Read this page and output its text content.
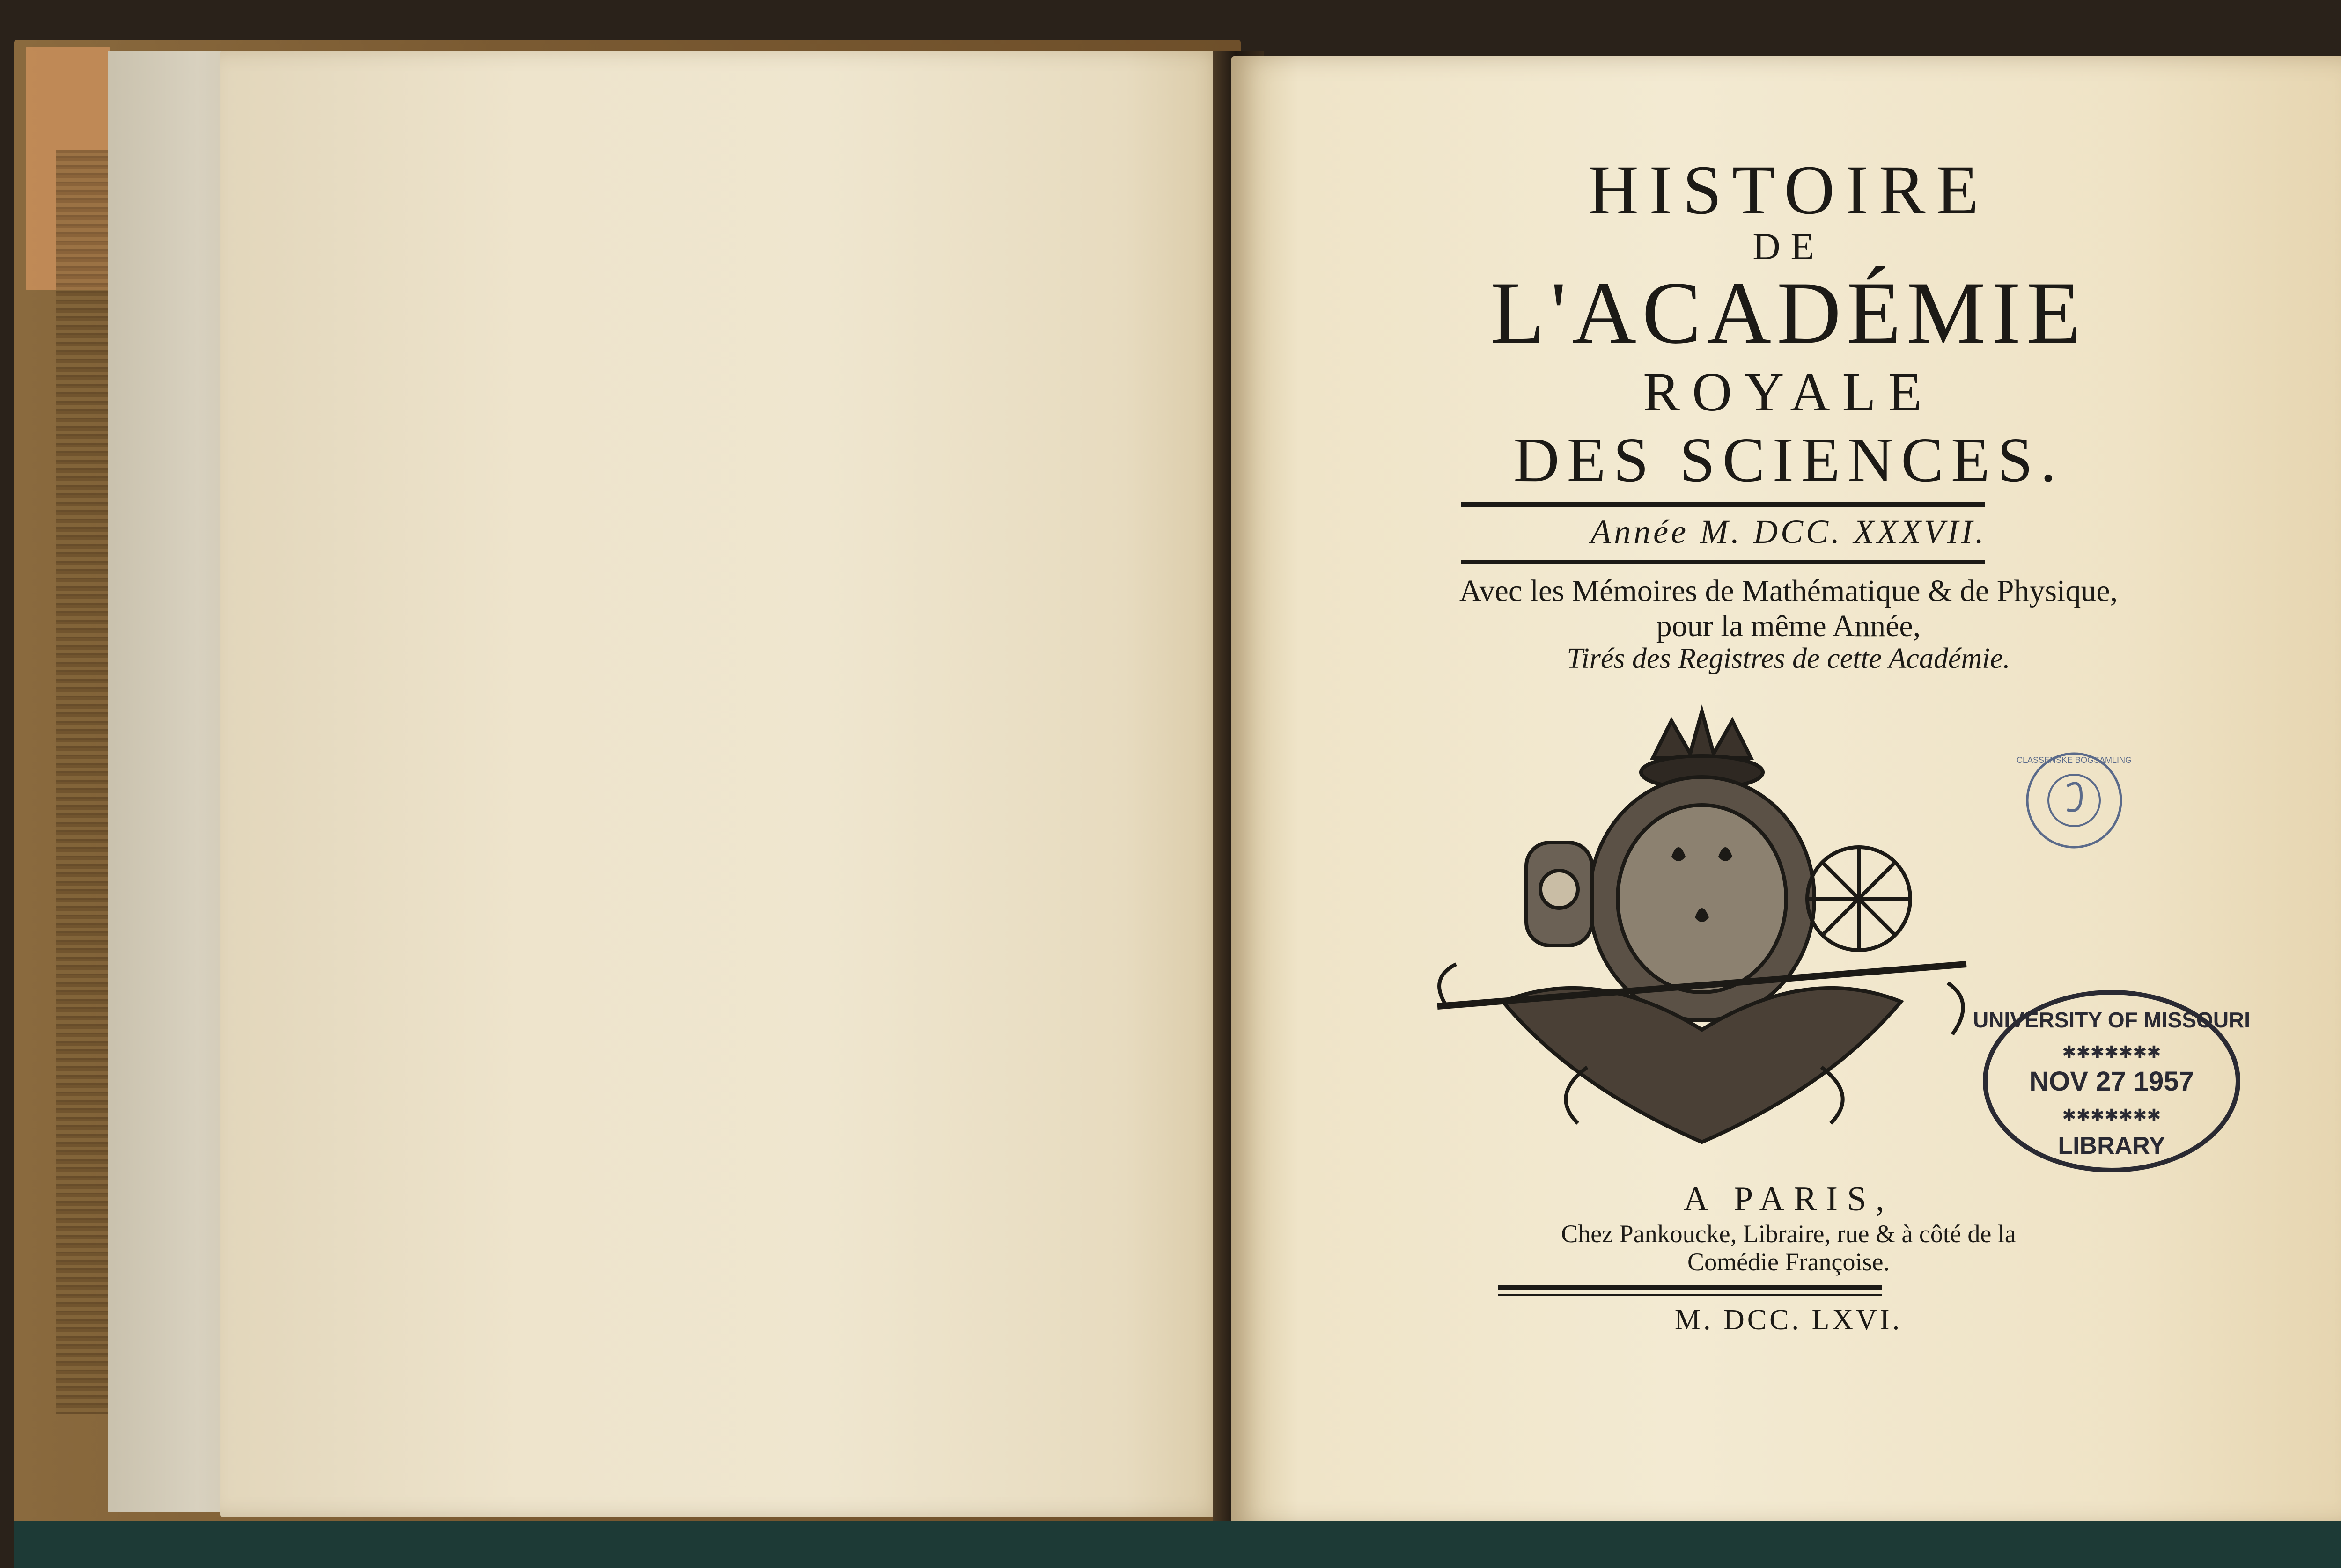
HISTOIRE
DE
L'ACADÉMIE
ROYALE
DES SCIENCES.
Année M. DCC. XXXVII.
Avec les Mémoires de Mathématique & de Physique,
pour la même Année,
Tirés des Registres de cette Académie.
CLASSENSKE BOGSAMLING
UNIVERSITY OF MISSOURI
✱✱✱✱✱✱✱
NOV 27 1957
✱✱✱✱✱✱✱
LIBRARY
A PARIS,
Chez Pankoucke, Libraire, rue & à côté de la
Comédie Françoise.
M. DCC. LXVI.
